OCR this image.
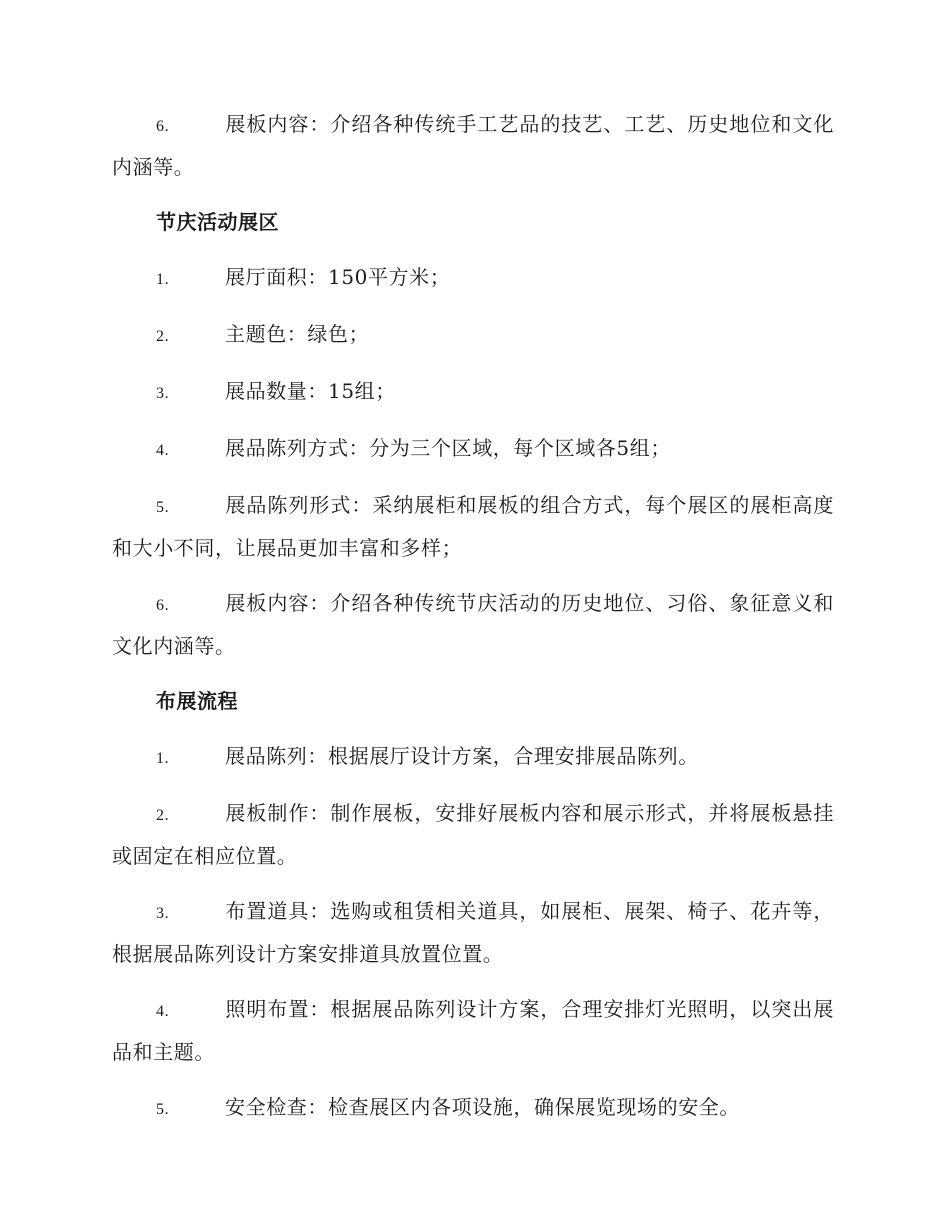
6.	展板内容：介绍各种传统手工艺品的技艺、工艺、历史地位和文化内涵等。

节庆活动展区

1.	展厅面积：150平方米；

2.	主题色：绿色；

3.	展品数量：15组；

4.	展品陈列方式：分为三个区域，每个区域各5组；

5.	展品陈列形式：采纳展柜和展板的组合方式，每个展区的展柜高度和大小不同，让展品更加丰富和多样；

6.	展板内容：介绍各种传统节庆活动的历史地位、习俗、象征意义和文化内涵等。

布展流程

1.	展品陈列：根据展厅设计方案，合理安排展品陈列。

2.	展板制作：制作展板，安排好展板内容和展示形式，并将展板悬挂或固定在相应位置。

3.	布置道具：选购或租赁相关道具，如展柜、展架、椅子、花卉等，根据展品陈列设计方案安排道具放置位置。

4.	照明布置：根据展品陈列设计方案，合理安排灯光照明，以突出展品和主题。

5.	安全检查：检查展区内各项设施，确保展览现场的安全。
